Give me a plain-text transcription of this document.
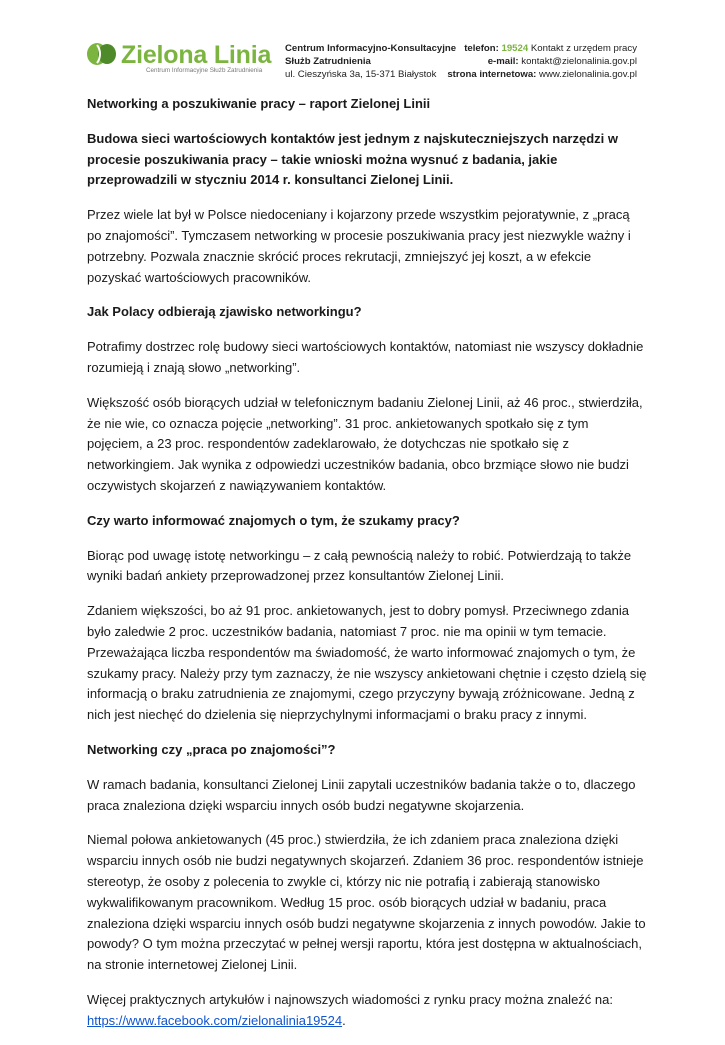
Zielona Linia
Centrum Informacyjne Służb Zatrudnienia
Centrum Informacyjno-Konsultacyjne
Służb Zatrudnienia
ul. Cieszyńska 3a, 15-371 Białystok
telefon: 19524 Kontakt z urzędem pracy
e-mail: kontakt@zielonalinia.gov.pl
strona internetowa: www.zielonalinia.gov.pl
Networking a poszukiwanie pracy – raport Zielonej Linii

Budowa sieci wartościowych kontaktów jest jednym z najskuteczniejszych narzędzi w procesie poszukiwania pracy – takie wnioski można wysnuć z badania, jakie przeprowadzili w styczniu 2014 r. konsultanci Zielonej Linii.

Przez wiele lat był w Polsce niedoceniany i kojarzony przede wszystkim pejoratywnie, z „pracą po znajomości”. Tymczasem networking w procesie poszukiwania pracy jest niezwykle ważny i potrzebny. Pozwala znacznie skrócić proces rekrutacji, zmniejszyć jej koszt, a w efekcie pozyskać wartościowych pracowników.

Jak Polacy odbierają zjawisko networkingu?

Potrafimy dostrzec rolę budowy sieci wartościowych kontaktów, natomiast nie wszyscy dokładnie rozumieją i znają słowo „networking”.

Większość osób biorących udział w telefonicznym badaniu Zielonej Linii, aż 46 proc., stwierdziła, że nie wie, co oznacza pojęcie „networking”. 31 proc. ankietowanych spotkało się z tym pojęciem, a 23 proc. respondentów zadeklarowało, że dotychczas nie spotkało się z networkingiem. Jak wynika z odpowiedzi uczestników badania, obco brzmiące słowo nie budzi oczywistych skojarzeń z nawiązywaniem kontaktów.

Czy warto informować znajomych o tym, że szukamy pracy?

Biorąc pod uwagę istotę networkingu – z całą pewnością należy to robić. Potwierdzają to także wyniki badań ankiety przeprowadzonej przez konsultantów Zielonej Linii.

Zdaniem większości, bo aż 91 proc. ankietowanych, jest to dobry pomysł. Przeciwnego zdania było zaledwie 2 proc. uczestników badania, natomiast 7 proc. nie ma opinii w tym temacie. Przeważająca liczba respondentów ma świadomość, że warto informować znajomych o tym, że szukamy pracy. Należy przy tym zaznaczy, że nie wszyscy ankietowani chętnie i często dzielą się informacją o braku zatrudnienia ze znajomymi, czego przyczyny bywają zróżnicowane. Jedną z nich jest niechęć do dzielenia się nieprzychylnymi informacjami o braku pracy z innymi.

Networking czy „praca po znajomości”?

W ramach badania, konsultanci Zielonej Linii zapytali uczestników badania także o to, dlaczego praca znaleziona dzięki wsparciu innych osób budzi negatywne skojarzenia.

Niemal połowa ankietowanych (45 proc.) stwierdziła, że ich zdaniem praca znaleziona dzięki wsparciu innych osób nie budzi negatywnych skojarzeń. Zdaniem 36 proc. respondentów istnieje stereotyp, że osoby z polecenia to zwykle ci, którzy nic nie potrafią i zabierają stanowisko wykwalifikowanym pracownikom. Według 15 proc. osób biorących udział w badaniu, praca znaleziona dzięki wsparciu innych osób budzi negatywne skojarzenia z innych powodów. Jakie to powody? O tym można przeczytać w pełnej wersji raportu, która jest dostępna w aktualnościach, na stronie internetowej Zielonej Linii.

Więcej praktycznych artykułów i najnowszych wiadomości z rynku pracy można znaleźć na: https://www.facebook.com/zielonalinia19524.
